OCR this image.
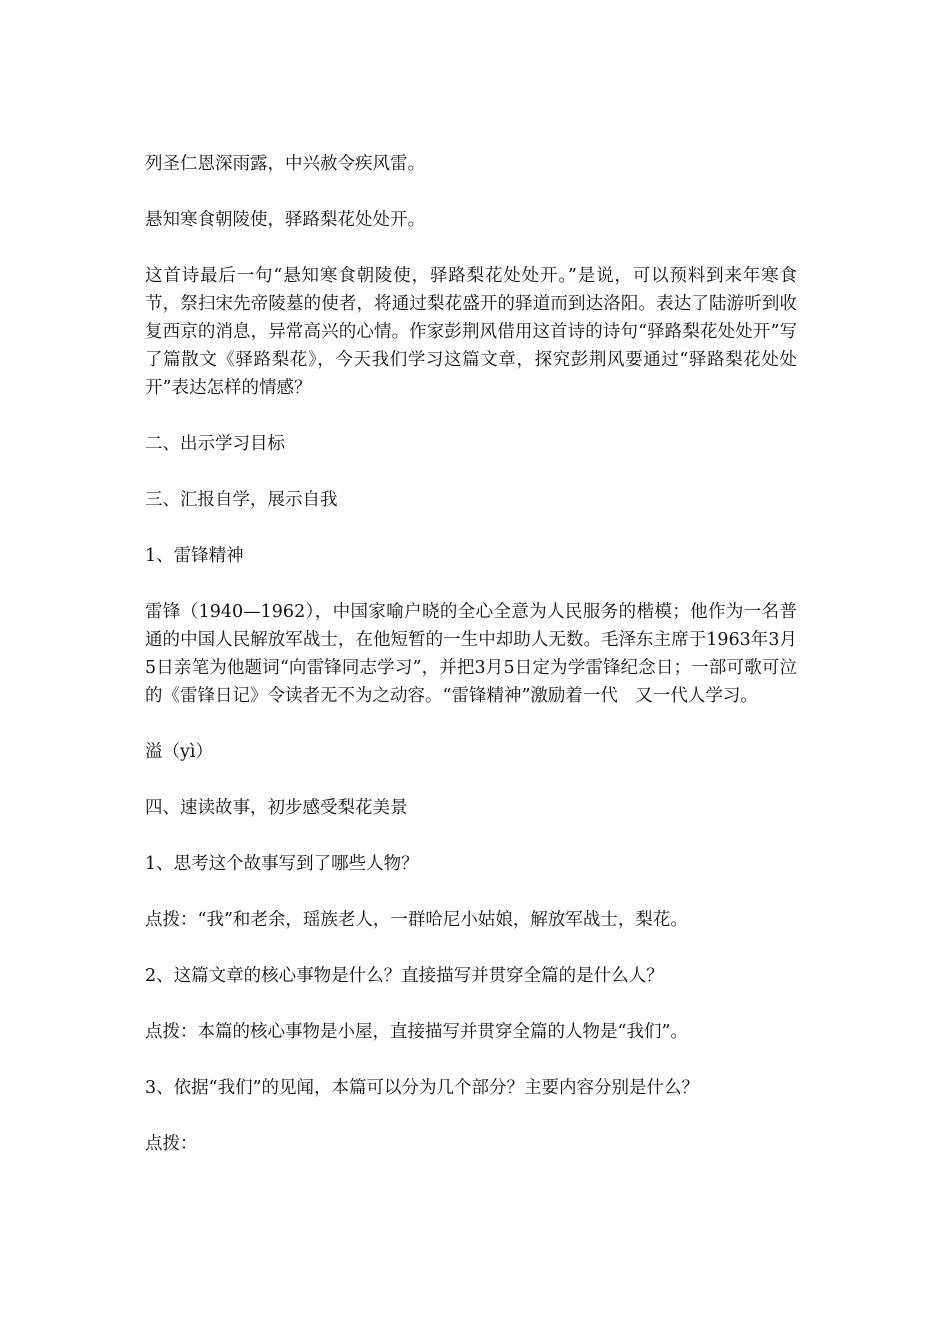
列圣仁恩深雨露，中兴赦令疾风雷。

悬知寒食朝陵使，驿路梨花处处开。

这首诗最后一句“悬知寒食朝陵使，驿路梨花处处开。”是说，可以预料到来年寒食节，祭扫宋先帝陵墓的使者，将通过梨花盛开的驿道而到达洛阳。表达了陆游听到收复西京的消息，异常高兴的心情。作家彭荆风借用这首诗的诗句“驿路梨花处处开”写了篇散文《驿路梨花》，今天我们学习这篇文章，探究彭荆风要通过“驿路梨花处处开”表达怎样的情感？

二、出示学习目标

三、汇报自学，展示自我

1、雷锋精神

雷锋（1940—1962），中国家喻户晓的全心全意为人民服务的楷模；他作为一名普通的中国人民解放军战士，在他短暂的一生中却助人无数。毛泽东主席于1963年3月5日亲笔为他题词“向雷锋同志学习”，并把3月5日定为学雷锋纪念日；一部可歌可泣的《雷锋日记》令读者无不为之动容。“雷锋精神”激励着一代　又一代人学习。

溢（yì）

四、速读故事，初步感受梨花美景

1、思考这个故事写到了哪些人物？

点拨：“我”和老余，瑶族老人，一群哈尼小姑娘，解放军战士，梨花。

2、这篇文章的核心事物是什么？直接描写并贯穿全篇的是什么人？

点拨：本篇的核心事物是小屋，直接描写并贯穿全篇的人物是“我们”。

3、依据“我们”的见闻，本篇可以分为几个部分？主要内容分别是什么？

点拨：
